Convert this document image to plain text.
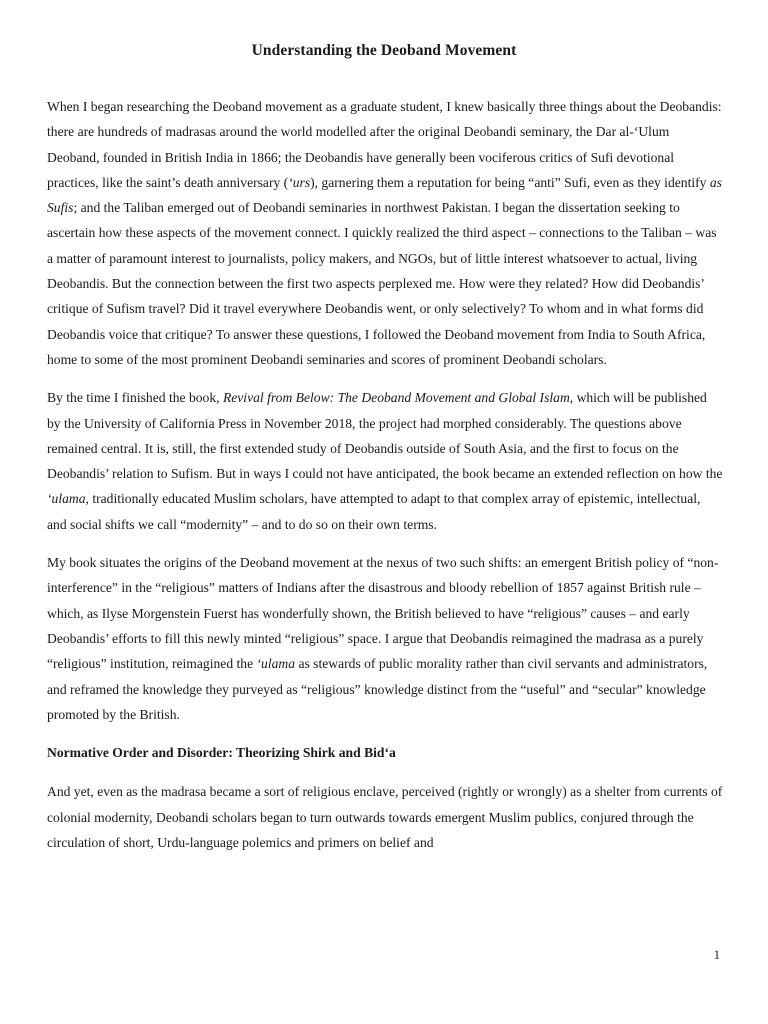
Understanding the Deoband Movement

When I began researching the Deoband movement as a graduate student, I knew basically three things about the Deobandis: there are hundreds of madrasas around the world modelled after the original Deobandi seminary, the Dar al-‘Ulum Deoband, founded in British India in 1866; the Deobandis have generally been vociferous critics of Sufi devotional practices, like the saint’s death anniversary (‘urs), garnering them a reputation for being “anti” Sufi, even as they identify as Sufis; and the Taliban emerged out of Deobandi seminaries in northwest Pakistan. I began the dissertation seeking to ascertain how these aspects of the movement connect. I quickly realized the third aspect – connections to the Taliban – was a matter of paramount interest to journalists, policy makers, and NGOs, but of little interest whatsoever to actual, living Deobandis. But the connection between the first two aspects perplexed me. How were they related? How did Deobandis’ critique of Sufism travel? Did it travel everywhere Deobandis went, or only selectively? To whom and in what forms did Deobandis voice that critique? To answer these questions, I followed the Deoband movement from India to South Africa, home to some of the most prominent Deobandi seminaries and scores of prominent Deobandi scholars.

By the time I finished the book, Revival from Below: The Deoband Movement and Global Islam, which will be published by the University of California Press in November 2018, the project had morphed considerably. The questions above remained central. It is, still, the first extended study of Deobandis outside of South Asia, and the first to focus on the Deobandis’ relation to Sufism. But in ways I could not have anticipated, the book became an extended reflection on how the ‘ulama, traditionally educated Muslim scholars, have attempted to adapt to that complex array of epistemic, intellectual, and social shifts we call “modernity” – and to do so on their own terms.

My book situates the origins of the Deoband movement at the nexus of two such shifts: an emergent British policy of “non-interference” in the “religious” matters of Indians after the disastrous and bloody rebellion of 1857 against British rule – which, as Ilyse Morgenstein Fuerst has wonderfully shown, the British believed to have “religious” causes – and early Deobandis’ efforts to fill this newly minted “religious” space. I argue that Deobandis reimagined the madrasa as a purely “religious” institution, reimagined the ‘ulama as stewards of public morality rather than civil servants and administrators, and reframed the knowledge they purveyed as “religious” knowledge distinct from the “useful” and “secular” knowledge promoted by the British.

Normative Order and Disorder: Theorizing Shirk and Bid‘a

And yet, even as the madrasa became a sort of religious enclave, perceived (rightly or wrongly) as a shelter from currents of colonial modernity, Deobandi scholars began to turn outwards towards emergent Muslim publics, conjured through the circulation of short, Urdu-language polemics and primers on belief and

1
